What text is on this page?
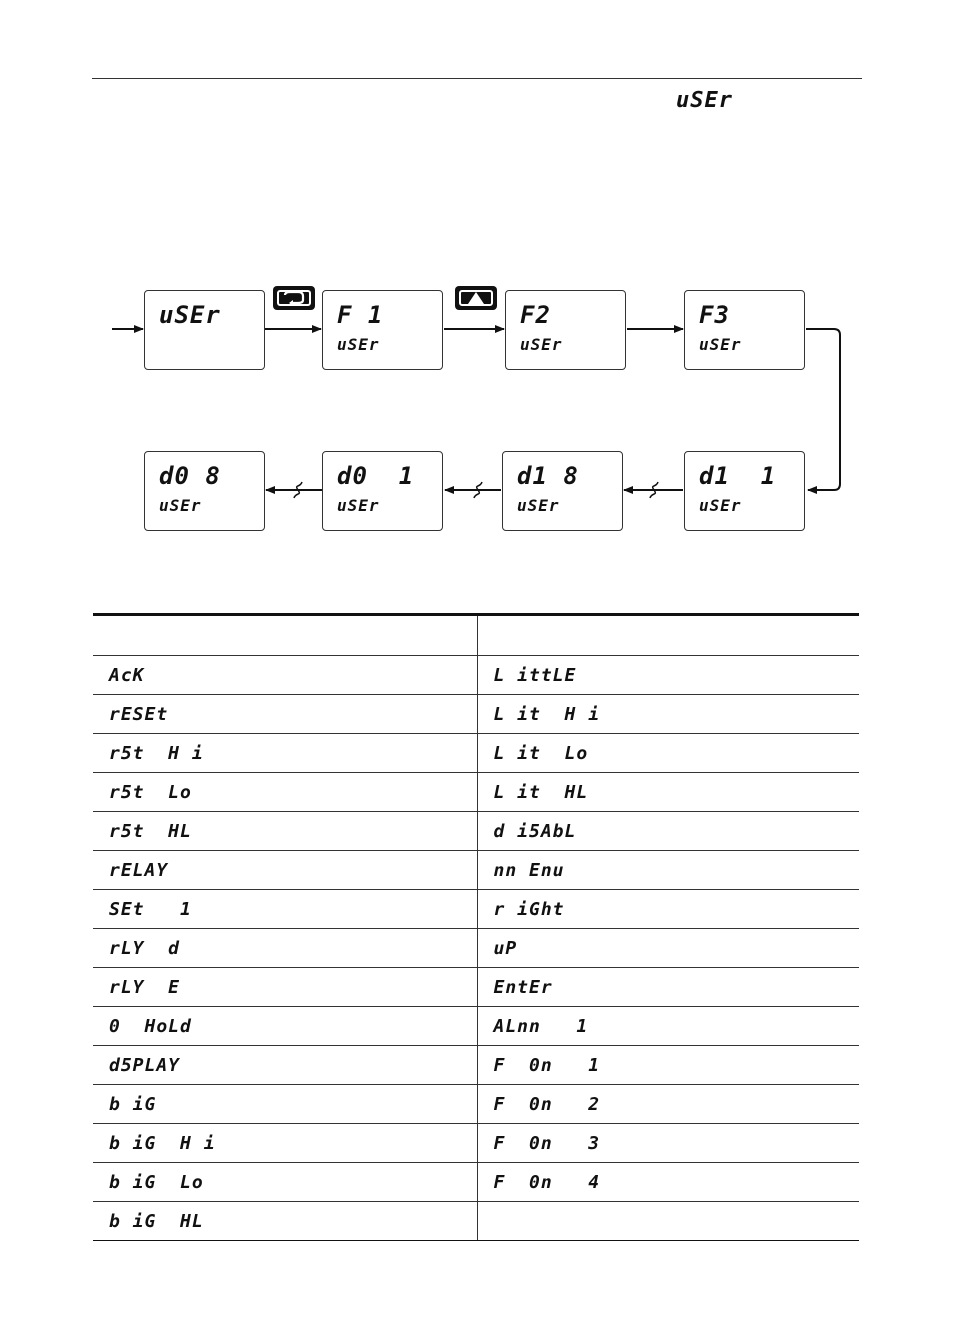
uSEr
uSEr	F 1
uSEr
F2
uSEr
F3
uSEr
d1  1
uSEr
d1 8
uSEr
d0  1
uSEr
d0 8
uSEr

AcK	L ittLE
rESEt	L it  H i
r5t  H i	L it  Lo
r5t  Lo	L it  HL
r5t  HL	d i5AbL
rELAY	nn Enu
SEt   1	r iGht
rLY  d	uP
rLY  E	EntEr
0  HoLd	ALnn   1
d5PLAY	F  0n   1
b iG	F  0n   2
b iG  H i	F  0n   3
b iG  Lo	F  0n   4
b iG  HL	
